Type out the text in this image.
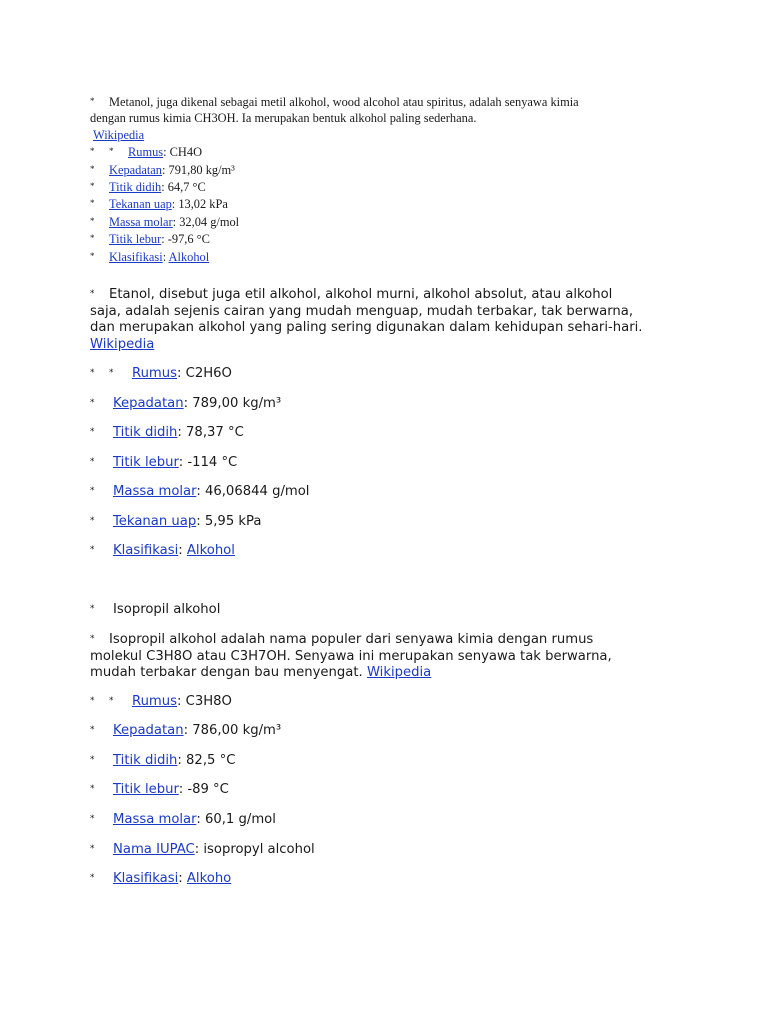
* Metanol, juga dikenal sebagai metil alkohol, wood alcohol atau spiritus, adalah senyawa kimia
dengan rumus kimia CH3OH. Ia merupakan bentuk alkohol paling sederhana.
Wikipedia
* * Rumus: CH4O
* Kepadatan: 791,80 kg/m³
* Titik didih: 64,7 °C
* Tekanan uap: 13,02 kPa
* Massa molar: 32,04 g/mol
* Titik lebur: -97,6 °C
* Klasifikasi: Alkohol
* Etanol, disebut juga etil alkohol, alkohol murni, alkohol absolut, atau alkohol
saja, adalah sejenis cairan yang mudah menguap, mudah terbakar, tak berwarna,
dan merupakan alkohol yang paling sering digunakan dalam kehidupan sehari-hari.
Wikipedia
* * Rumus: C2H6O
* Kepadatan: 789,00 kg/m³
* Titik didih: 78,37 °C
* Titik lebur: -114 °C
* Massa molar: 46,06844 g/mol
* Tekanan uap: 5,95 kPa
* Klasifikasi: Alkohol
* Isopropil alkohol
* Isopropil alkohol adalah nama populer dari senyawa kimia dengan rumus
molekul C3H8O atau C3H7OH. Senyawa ini merupakan senyawa tak berwarna,
mudah terbakar dengan bau menyengat. Wikipedia
* * Rumus: C3H8O
* Kepadatan: 786,00 kg/m³
* Titik didih: 82,5 °C
* Titik lebur: -89 °C
* Massa molar: 60,1 g/mol
* Nama IUPAC: isopropyl alcohol
* Klasifikasi: Alkoho
